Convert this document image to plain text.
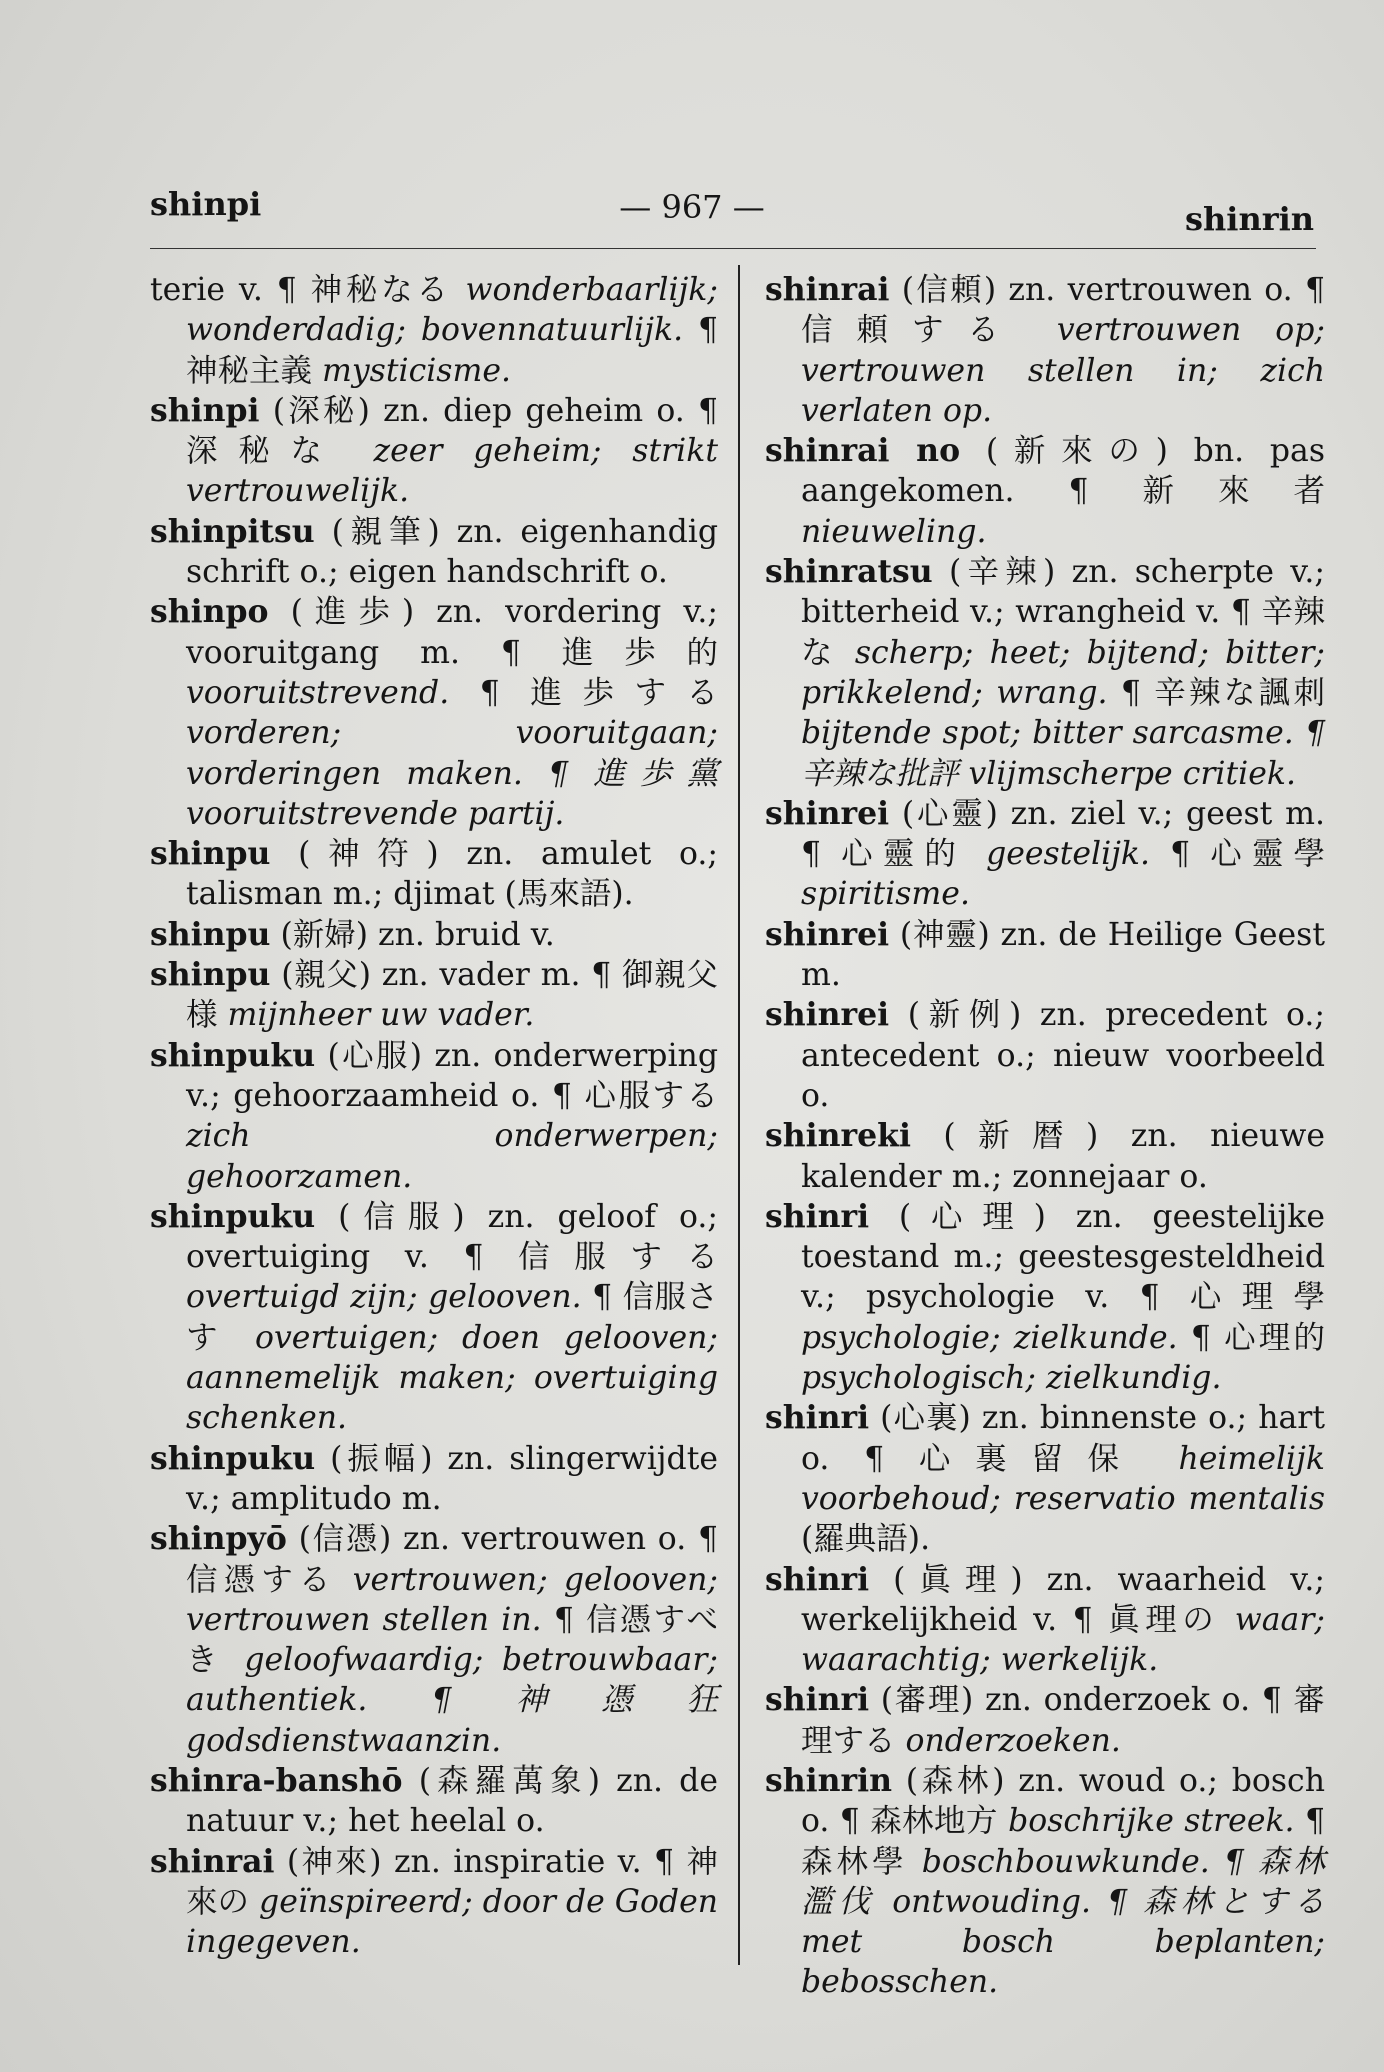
shinpi	— 967 —	shinrin

terie v. ¶ 神秘なる wonderbaarlijk; wonderdadig; bovennatuurlijk. ¶ 神秘主義 mysticisme.

shinpi (深秘) zn. diep geheim o. ¶ 深秘な zeer geheim; strikt vertrouwelijk.

shinpitsu (親筆) zn. eigenhandig schrift o.; eigen handschrift o.

shinpo (進歩) zn. vordering v.; vooruitgang m. ¶ 進歩的 vooruitstrevend. ¶ 進歩する vorderen; vooruitgaan; vorderingen maken. ¶ 進歩黨 vooruitstrevende partij.

shinpu (神符) zn. amulet o.; talisman m.; djimat (馬來語).

shinpu (新婦) zn. bruid v.

shinpu (親父) zn. vader m. ¶ 御親父様 mijnheer uw vader.

shinpuku (心服) zn. onderwerping v.; gehoorzaamheid o. ¶ 心服する zich onderwerpen; gehoorzamen.

shinpuku (信服) zn. geloof o.; overtuiging v. ¶ 信服する overtuigd zijn; gelooven. ¶ 信服さす overtuigen; doen gelooven; aannemelijk maken; overtuiging schenken.

shinpuku (振幅) zn. slingerwijdte v.; amplitudo m.

shinpyō (信憑) zn. vertrouwen o. ¶ 信憑する vertrouwen; gelooven; vertrouwen stellen in. ¶ 信憑すべき geloofwaardig; betrouwbaar; authentiek. ¶ 神憑狂 godsdienstwaanzin.

shinra-banshō (森羅萬象) zn. de natuur v.; het heelal o.

shinrai (神來) zn. inspiratie v. ¶ 神來の geïnspireerd; door de Goden ingegeven.

shinrai (信頼) zn. vertrouwen o. ¶ 信頼する vertrouwen op; vertrouwen stellen in; zich verlaten op.

shinrai no (新來の) bn. pas aangekomen. ¶ 新來者 nieuweling.

shinratsu (辛辣) zn. scherpte v.; bitterheid v.; wrangheid v. ¶ 辛辣な scherp; heet; bijtend; bitter; prikkelend; wrang. ¶ 辛辣な諷刺 bijtende spot; bitter sarcasme. ¶ 辛辣な批評 vlijmscherpe critiek.

shinrei (心靈) zn. ziel v.; geest m. ¶ 心靈的 geestelijk. ¶ 心靈學 spiritisme.

shinrei (神靈) zn. de Heilige Geest m.

shinrei (新例) zn. precedent o.; antecedent o.; nieuw voorbeeld o.

shinreki (新暦) zn. nieuwe kalender m.; zonnejaar o.

shinri (心理) zn. geestelijke toestand m.; geestesgesteldheid v.; psychologie v. ¶ 心理學 psychologie; zielkunde. ¶ 心理的 psychologisch; zielkundig.

shinri (心裏) zn. binnenste o.; hart o. ¶ 心裏留保 heimelijk voorbehoud; reservatio mentalis (羅典語).

shinri (眞理) zn. waarheid v.; werkelijkheid v. ¶ 眞理の waar; waarachtig; werkelijk.

shinri (審理) zn. onderzoek o. ¶ 審理する onderzoeken.

shinrin (森林) zn. woud o.; bosch o. ¶ 森林地方 boschrijke streek. ¶ 森林學 boschbouwkunde. ¶ 森林濫伐 ontwouding. ¶ 森林とする met bosch beplanten; bebosschen.
